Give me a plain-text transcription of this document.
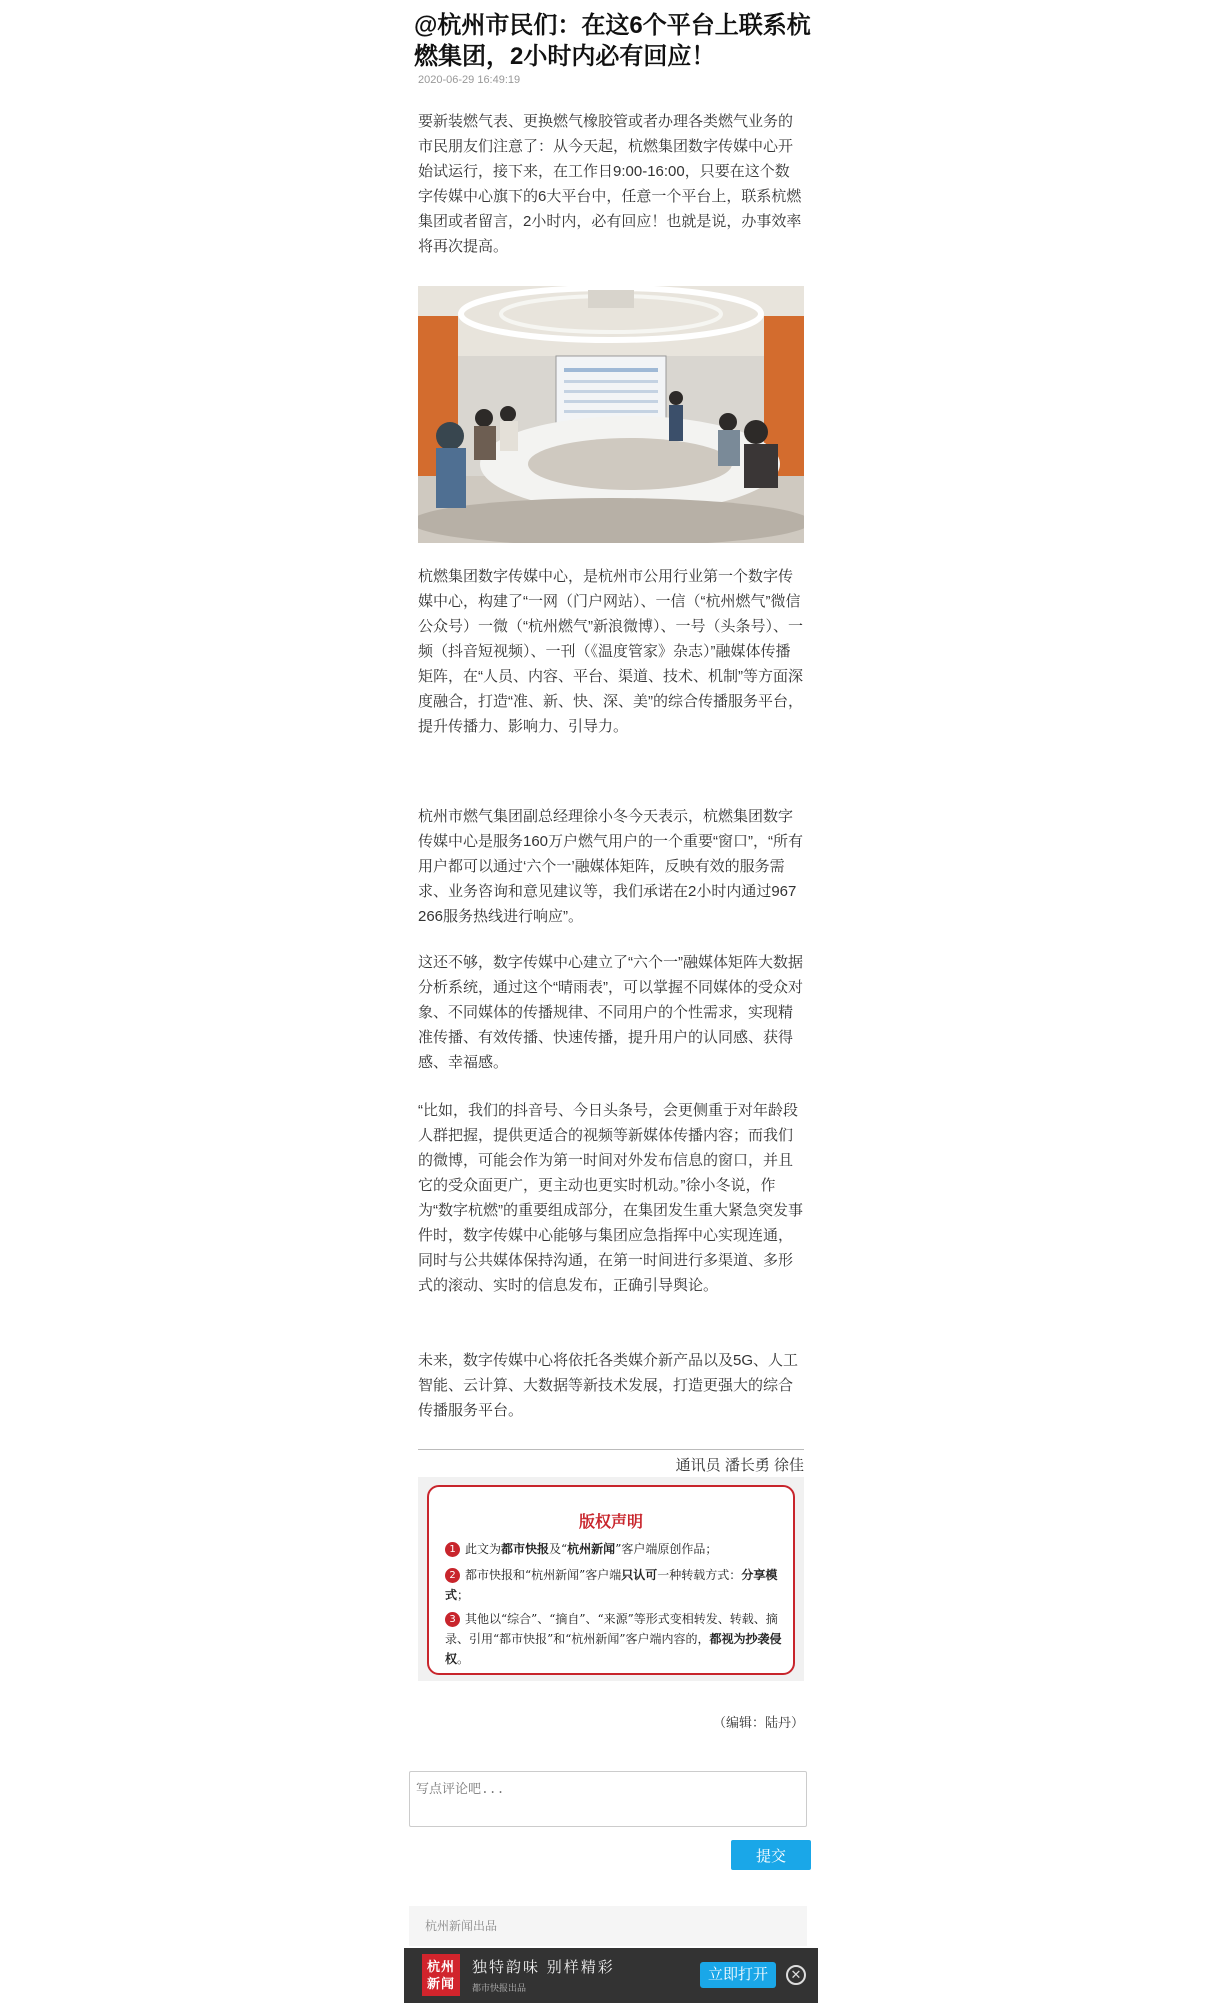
@杭州市民们：在这6个平台上联系杭燃集团，2小时内必有回应！
2020-06-29 16:49:19

要新装燃气表、更换燃气橡胶管或者办理各类燃气业务的市民朋友们注意了：从今天起，杭燃集团数字传媒中心开始试运行，接下来，在工作日9:00-16:00，只要在这个数字传媒中心旗下的6大平台中，任意一个平台上，联系杭燃集团或者留言，2小时内，必有回应！也就是说，办事效率将再次提高。

杭燃集团数字传媒中心，是杭州市公用行业第一个数字传媒中心，构建了“一网（门户网站）、一信（“杭州燃气”微信公众号）一微（“杭州燃气”新浪微博）、一号（头条号）、一频（抖音短视频）、一刊（《温度管家》杂志）”融媒体传播矩阵，在“人员、内容、平台、渠道、技术、机制”等方面深度融合，打造“准、新、快、深、美”的综合传播服务平台，提升传播力、影响力、引导力。

杭州市燃气集团副总经理徐小冬今天表示，杭燃集团数字传媒中心是服务160万户燃气用户的一个重要“窗口”，“所有用户都可以通过‘六个一’融媒体矩阵，反映有效的服务需求、业务咨询和意见建议等，我们承诺在2小时内通过967266服务热线进行响应”。

这还不够，数字传媒中心建立了“六个一”融媒体矩阵大数据分析系统，通过这个“晴雨表”，可以掌握不同媒体的受众对象、不同媒体的传播规律、不同用户的个性需求，实现精准传播、有效传播、快速传播，提升用户的认同感、获得感、幸福感。

“比如，我们的抖音号、今日头条号，会更侧重于对年龄段人群把握，提供更适合的视频等新媒体传播内容；而我们的微博，可能会作为第一时间对外发布信息的窗口，并且它的受众面更广，更主动也更实时机动。”徐小冬说，作为“数字杭燃”的重要组成部分，在集团发生重大紧急突发事件时，数字传媒中心能够与集团应急指挥中心实现连通，同时与公共媒体保持沟通，在第一时间进行多渠道、多形式的滚动、实时的信息发布，正确引导舆论。

未来，数字传媒中心将依托各类媒介新产品以及5G、人工智能、云计算、大数据等新技术发展，打造更强大的综合传播服务平台。

通讯员 潘长勇 徐佳
版权声明
1 此文为都市快报及“杭州新闻”客户端原创作品；
2 都市快报和“杭州新闻”客户端只认可一种转载方式：分享模式；
3 其他以“综合”、“摘自”、“来源”等形式变相转发、转载、摘录、引用“都市快报”和“杭州新闻”客户端内容的，都视为抄袭侵权。
（编辑：陆丹）
写点评论吧...
提交
杭州新闻出品
杭州
新闻
独特韵味 别样精彩
都市快报出品
立即打开	✕
